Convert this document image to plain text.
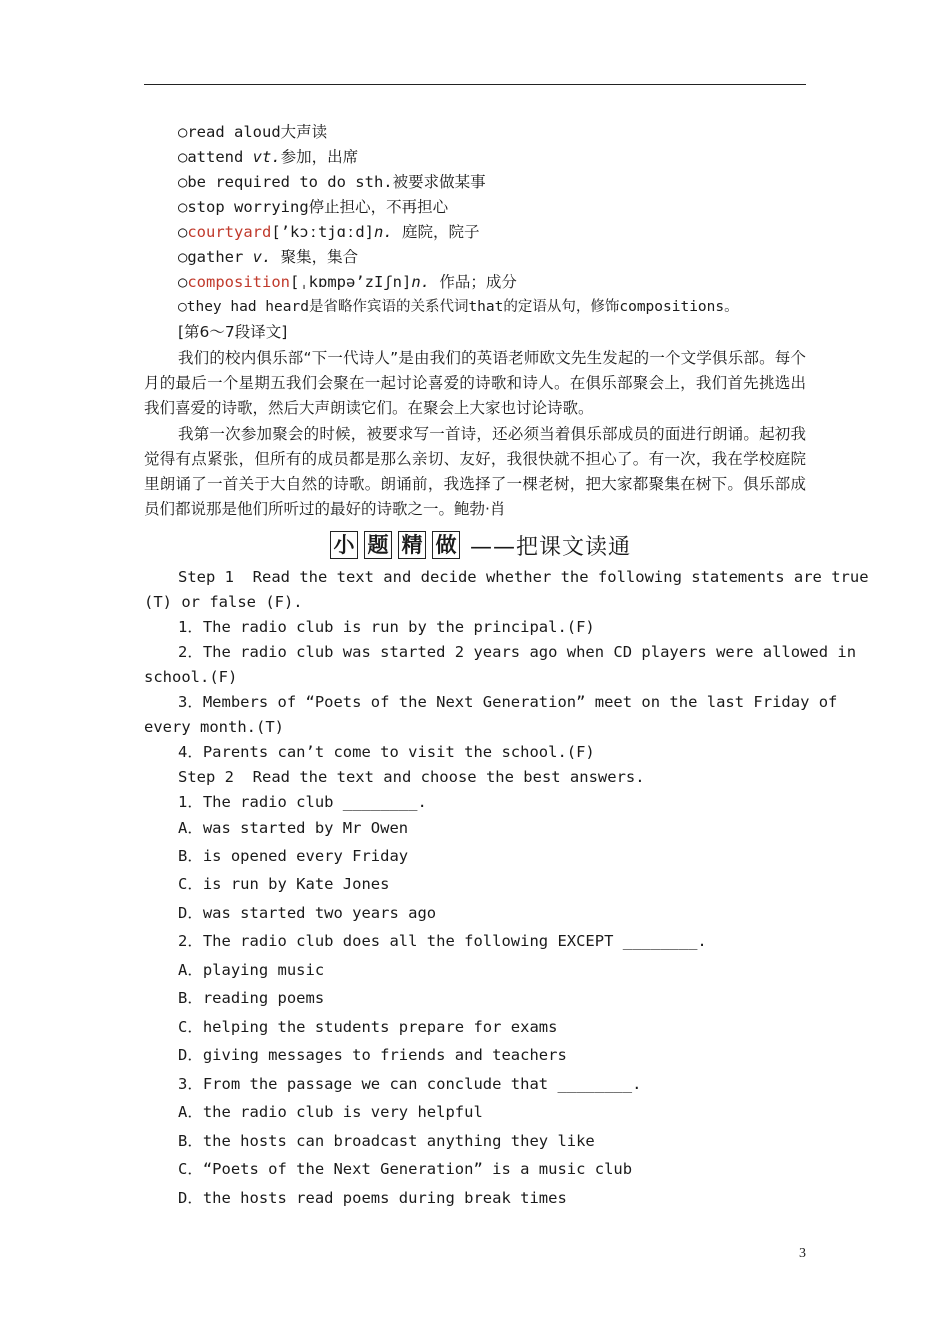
○read aloud大声读
○attend vt.参加，出席
○be required to do sth.被要求做某事
○stop worrying停止担心，不再担心
○courtyard[’kɔːtjɑːd]n. 庭院，院子
○gather v. 聚集，集合
○composition[ˌkɒmpə’zIʃn]n. 作品；成分
○they had heard是省略作宾语的关系代词that的定语从句，修饰compositions。
[第6～7段译文]
我们的校内俱乐部“下一代诗人”是由我们的英语老师欧文先生发起的一个文学俱乐部。每个月的最后一个星期五我们会聚在一起讨论喜爱的诗歌和诗人。在俱乐部聚会上，我们首先挑选出我们喜爱的诗歌，然后大声朗读它们。在聚会上大家也讨论诗歌。
我第一次参加聚会的时候，被要求写一首诗，还必须当着俱乐部成员的面进行朗诵。起初我觉得有点紧张，但所有的成员都是那么亲切、友好，我很快就不担心了。有一次，我在学校庭院里朗诵了一首关于大自然的诗歌。朗诵前，我选择了一棵老树，把大家都聚集在树下。俱乐部成员们都说那是他们所听过的最好的诗歌之一。鲍勃·肖
小 题 精 做 ——把课文读通
Step 1  Read the text and decide whether the following statements are true
(T) or false (F).
1．The radio club is run by the principal.(F)
2．The radio club was started 2 years ago when CD players were allowed in
school.(F)
3．Members of “Poets of the Next Generation” meet on the last Friday of
every month.(T)
4．Parents can’t come to visit the school.(F)
Step 2  Read the text and choose the best answers.
1．The radio club ________.
A．was started by Mr Owen
B．is opened every Friday
C．is run by Kate Jones
D．was started two years ago
2．The radio club does all the following EXCEPT ________.
A．playing music
B．reading poems
C．helping the students prepare for exams
D．giving messages to friends and teachers
3．From the passage we can conclude that ________.
A．the radio club is very helpful
B．the hosts can broadcast anything they like
C．“Poets of the Next Generation” is a music club
D．the hosts read poems during break times
3
